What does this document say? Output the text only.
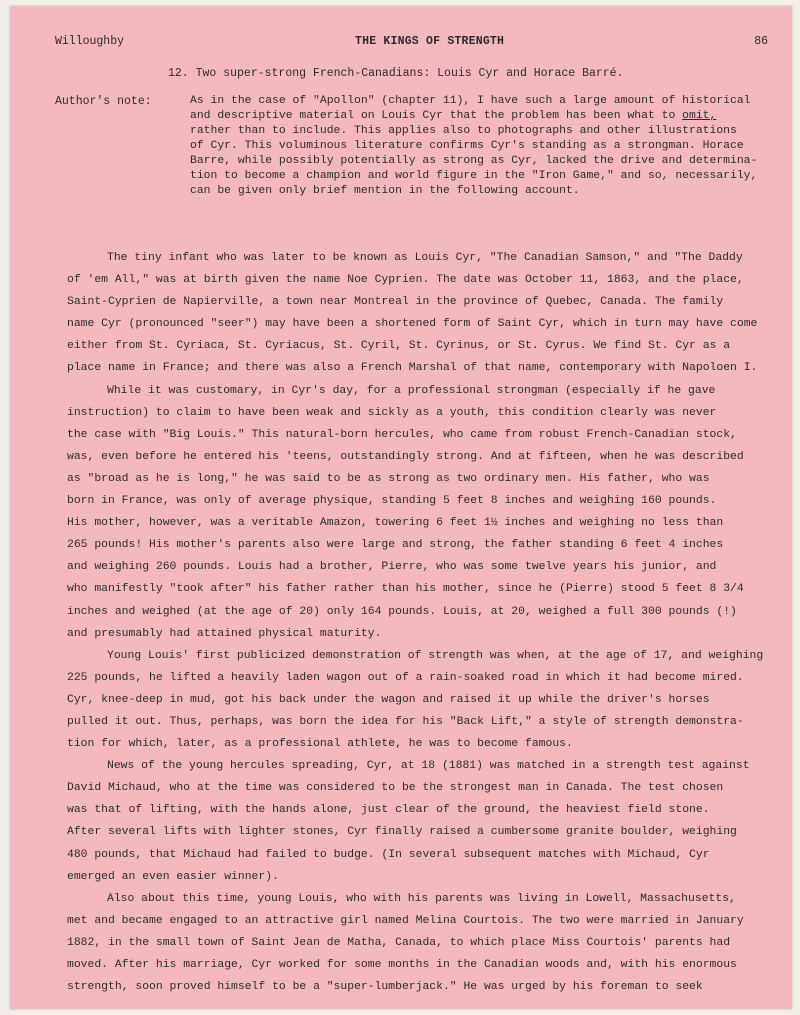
Willoughby	THE KINGS OF STRENGTH	86
12. Two super-strong French-Canadians: Louis Cyr and Horace Barré.
Author's note:	As in the case of "Apollon" (chapter 11), I have such a large amount of historical
and descriptive material on Louis Cyr that the problem has been what to omit,
rather than to include. This applies also to photographs and other illustrations
of Cyr. This voluminous literature confirms Cyr's standing as a strongman. Horace
Barre, while possibly potentially as strong as Cyr, lacked the drive and determina-
tion to become a champion and world figure in the "Iron Game," and so, necessarily,
can be given only brief mention in the following account.
The tiny infant who was later to be known as Louis Cyr, "The Canadian Samson," and "The Daddy
of 'em All," was at birth given the name Noe Cyprien. The date was October 11, 1863, and the place,
Saint-Cyprien de Napierville, a town near Montreal in the province of Quebec, Canada. The family
name Cyr (pronounced "seer") may have been a shortened form of Saint Cyr, which in turn may have come
either from St. Cyriaca, St. Cyriacus, St. Cyril, St. Cyrinus, or St. Cyrus. We find St. Cyr as a
place name in France; and there was also a French Marshal of that name, contemporary with Napoloen I.
While it was customary, in Cyr's day, for a professional strongman (especially if he gave
instruction) to claim to have been weak and sickly as a youth, this condition clearly was never
the case with "Big Louis." This natural-born hercules, who came from robust French-Canadian stock,
was, even before he entered his 'teens, outstandingly strong. And at fifteen, when he was described
as "broad as he is long," he was said to be as strong as two ordinary men. His father, who was
born in France, was only of average physique, standing 5 feet 8 inches and weighing 160 pounds.
His mother, however, was a veritable Amazon, towering 6 feet 1½ inches and weighing no less than
265 pounds! His mother's parents also were large and strong, the father standing 6 feet 4 inches
and weighing 260 pounds. Louis had a brother, Pierre, who was some twelve years his junior, and
who manifestly "took after" his father rather than his mother, since he (Pierre) stood 5 feet 8 3/4
inches and weighed (at the age of 20) only 164 pounds. Louis, at 20, weighed a full 300 pounds (!)
and presumably had attained physical maturity.
Young Louis' first publicized demonstration of strength was when, at the age of 17, and weighing
225 pounds, he lifted a heavily laden wagon out of a rain-soaked road in which it had become mired.
Cyr, knee-deep in mud, got his back under the wagon and raised it up while the driver's horses
pulled it out. Thus, perhaps, was born the idea for his "Back Lift," a style of strength demonstra-
tion for which, later, as a professional athlete, he was to become famous.
News of the young hercules spreading, Cyr, at 18 (1881) was matched in a strength test against
David Michaud, who at the time was considered to be the strongest man in Canada. The test chosen
was that of lifting, with the hands alone, just clear of the ground, the heaviest field stone.
After several lifts with lighter stones, Cyr finally raised a cumbersome granite boulder, weighing
480 pounds, that Michaud had failed to budge. (In several subsequent matches with Michaud, Cyr
emerged an even easier winner).
Also about this time, young Louis, who with his parents was living in Lowell, Massachusetts,
met and became engaged to an attractive girl named Melina Courtois. The two were married in January
1882, in the small town of Saint Jean de Matha, Canada, to which place Miss Courtois' parents had
moved. After his marriage, Cyr worked for some months in the Canadian woods and, with his enormous
strength, soon proved himself to be a "super-lumberjack." He was urged by his foreman to seek
